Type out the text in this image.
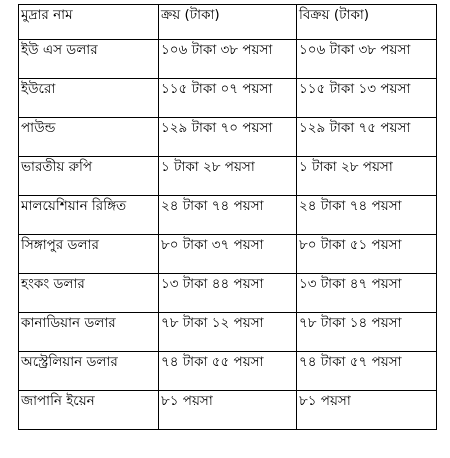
মুদ্রার নাম	ক্রয় (টাকা)	বিক্রয় (টাকা)
ইউ এস ডলার	১০৬ টাকা ৩৮ পয়সা	১০৬ টাকা ৩৮ পয়সা
ইউরো	১১৫ টাকা ০৭ পয়সা	১১৫ টাকা ১৩ পয়সা
পাউন্ড	১২৯ টাকা ৭০ পয়সা	১২৯ টাকা ৭৫ পয়সা
ভারতীয় রুপি	১ টাকা ২৮ পয়সা	১ টাকা ২৮ পয়সা
মালয়েশিয়ান রিঙ্গিত	২৪ টাকা ৭৪ পয়সা	২৪ টাকা ৭৪ পয়সা
সিঙ্গাপুর ডলার	৮০ টাকা ৩৭ পয়সা	৮০ টাকা ৫১ পয়সা
হংকং ডলার	১৩ টাকা ৪৪ পয়সা	১৩ টাকা ৪৭ পয়সা
কানাডিয়ান ডলার	৭৮ টাকা ১২ পয়সা	৭৮ টাকা ১৪ পয়সা
অস্ট্রেলিয়ান ডলার	৭৪ টাকা ৫৫ পয়সা	৭৪ টাকা ৫৭ পয়সা
জাপানি ইয়েন	৮১ পয়সা	৮১ পয়সা
